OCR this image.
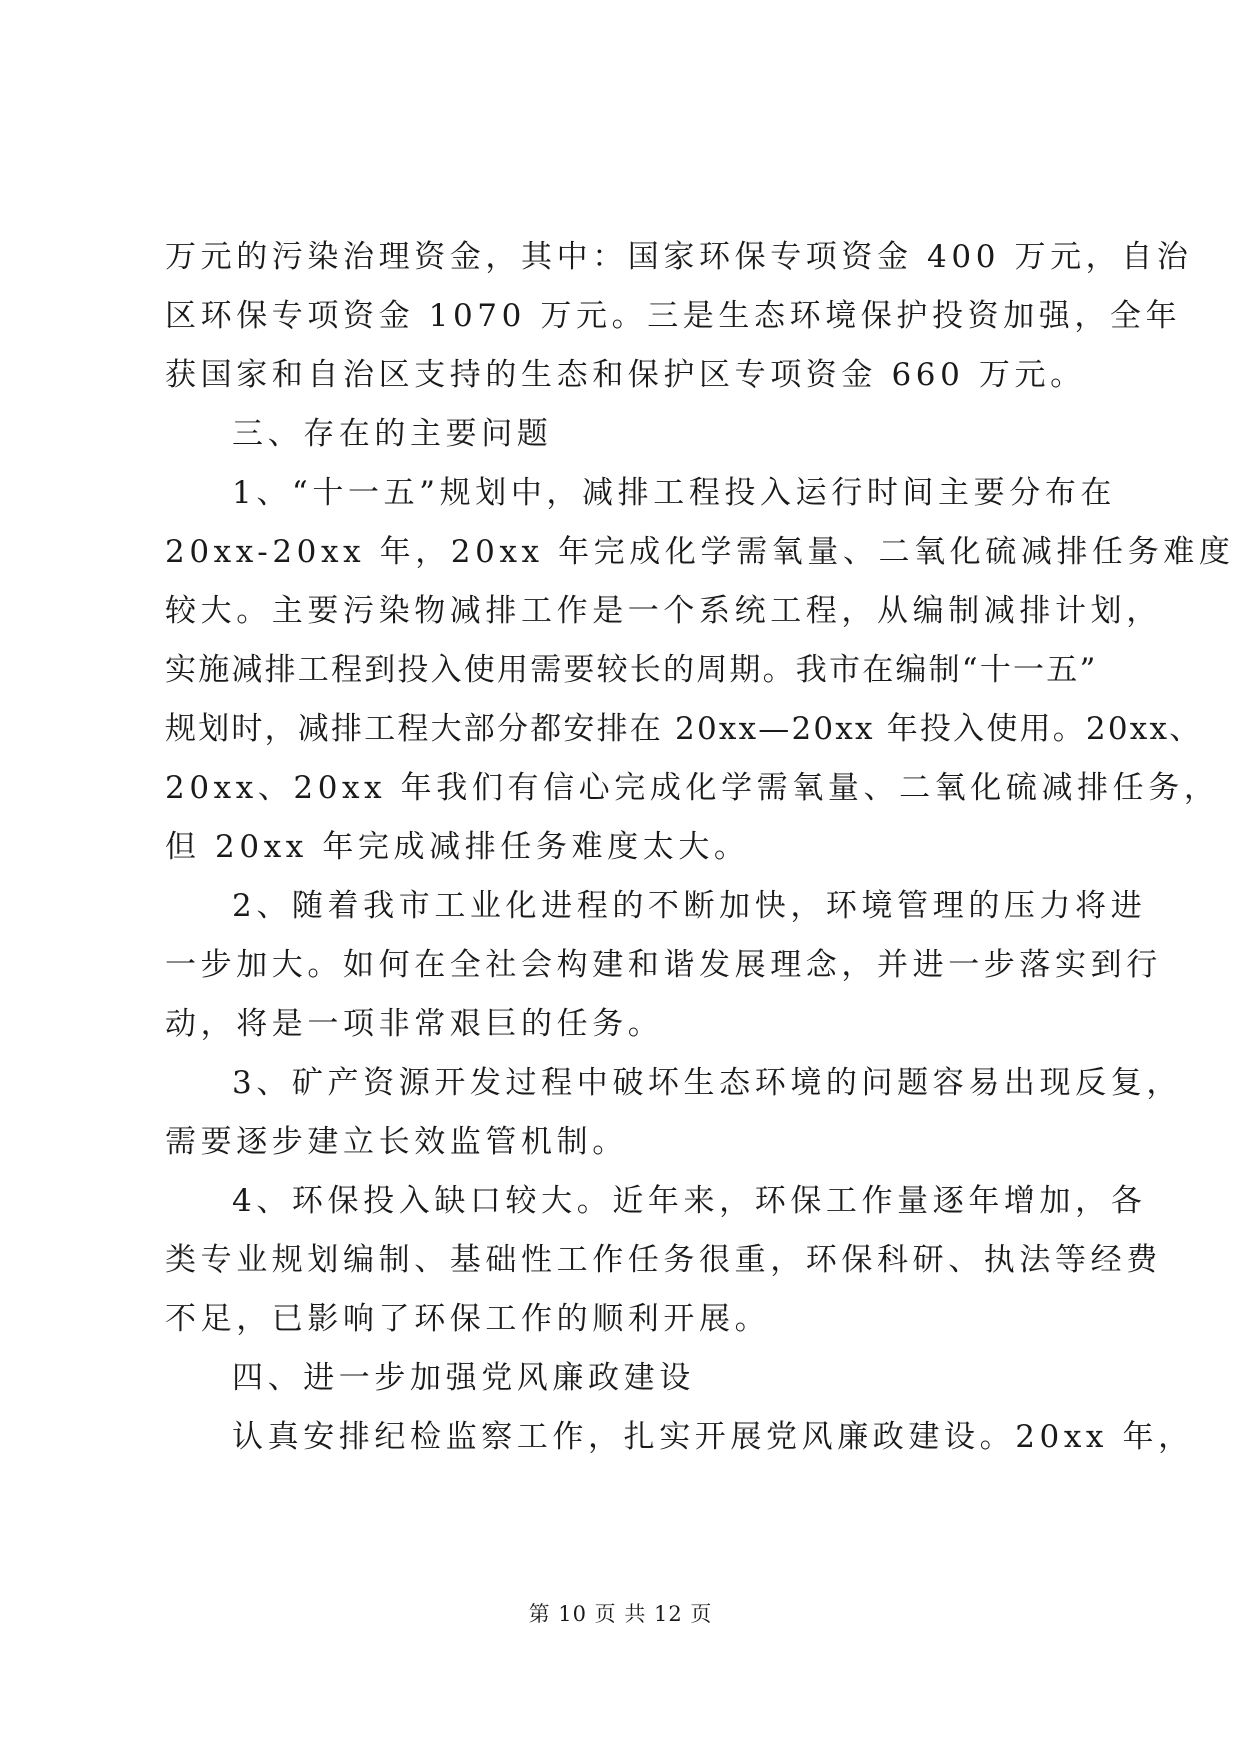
万元的污染治理资金，其中：国家环保专项资金 400 万元，自治
区环保专项资金 1070 万元。三是生态环境保护投资加强，全年
获国家和自治区支持的生态和保护区专项资金 660 万元。
三、存在的主要问题
1、“十一五”规划中，减排工程投入运行时间主要分布在
20xx-20xx 年，20xx 年完成化学需氧量、二氧化硫减排任务难度
较大。主要污染物减排工作是一个系统工程，从编制减排计划，
实施减排工程到投入使用需要较长的周期。我市在编制“十一五”
规划时，减排工程大部分都安排在 20xx—20xx 年投入使用。20xx、
20xx、20xx 年我们有信心完成化学需氧量、二氧化硫减排任务，
但 20xx 年完成减排任务难度太大。
2、随着我市工业化进程的不断加快，环境管理的压力将进
一步加大。如何在全社会构建和谐发展理念，并进一步落实到行
动，将是一项非常艰巨的任务。
3、矿产资源开发过程中破坏生态环境的问题容易出现反复，
需要逐步建立长效监管机制。
4、环保投入缺口较大。近年来，环保工作量逐年增加，各
类专业规划编制、基础性工作任务很重，环保科研、执法等经费
不足，已影响了环保工作的顺利开展。
四、进一步加强党风廉政建设
认真安排纪检监察工作，扎实开展党风廉政建设。20xx 年，
第 10 页 共 12 页
